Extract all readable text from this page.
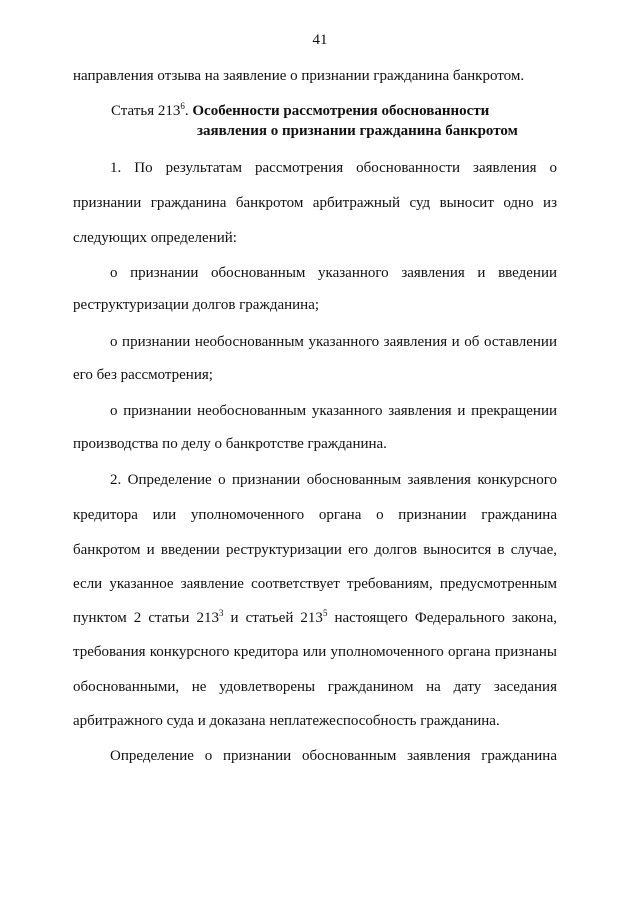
41
направления отзыва на заявление о признании гражданина банкротом.
Статья $213^6$. Особенности рассмотрения обоснованности
заявления о признании гражданина банкротом
1. По результатам рассмотрения обоснованности заявления о
признании гражданина банкротом арбитражный суд выносит одно из
следующих определений:
о признании обоснованным указанного заявления и введении
реструктуризации долгов гражданина;
о признании необоснованным указанного заявления и об оставлении
его без рассмотрения;
о признании необоснованным указанного заявления и прекращении
производства по делу о банкротстве гражданина.
2. Определение о признании обоснованным заявления конкурсного
кредитора или уполномоченного органа о признании гражданина
банкротом и введении реструктуризации его долгов выносится в случае,
если указанное заявление соответствует требованиям, предусмотренным
пунктом 2 статьи $213^3$ и статьей $213^5$ настоящего Федерального закона,
требования конкурсного кредитора или уполномоченного органа признаны
обоснованными, не удовлетворены гражданином на дату заседания
арбитражного суда и доказана неплатежеспособность гражданина.
Определение о признании обоснованным заявления гражданина
